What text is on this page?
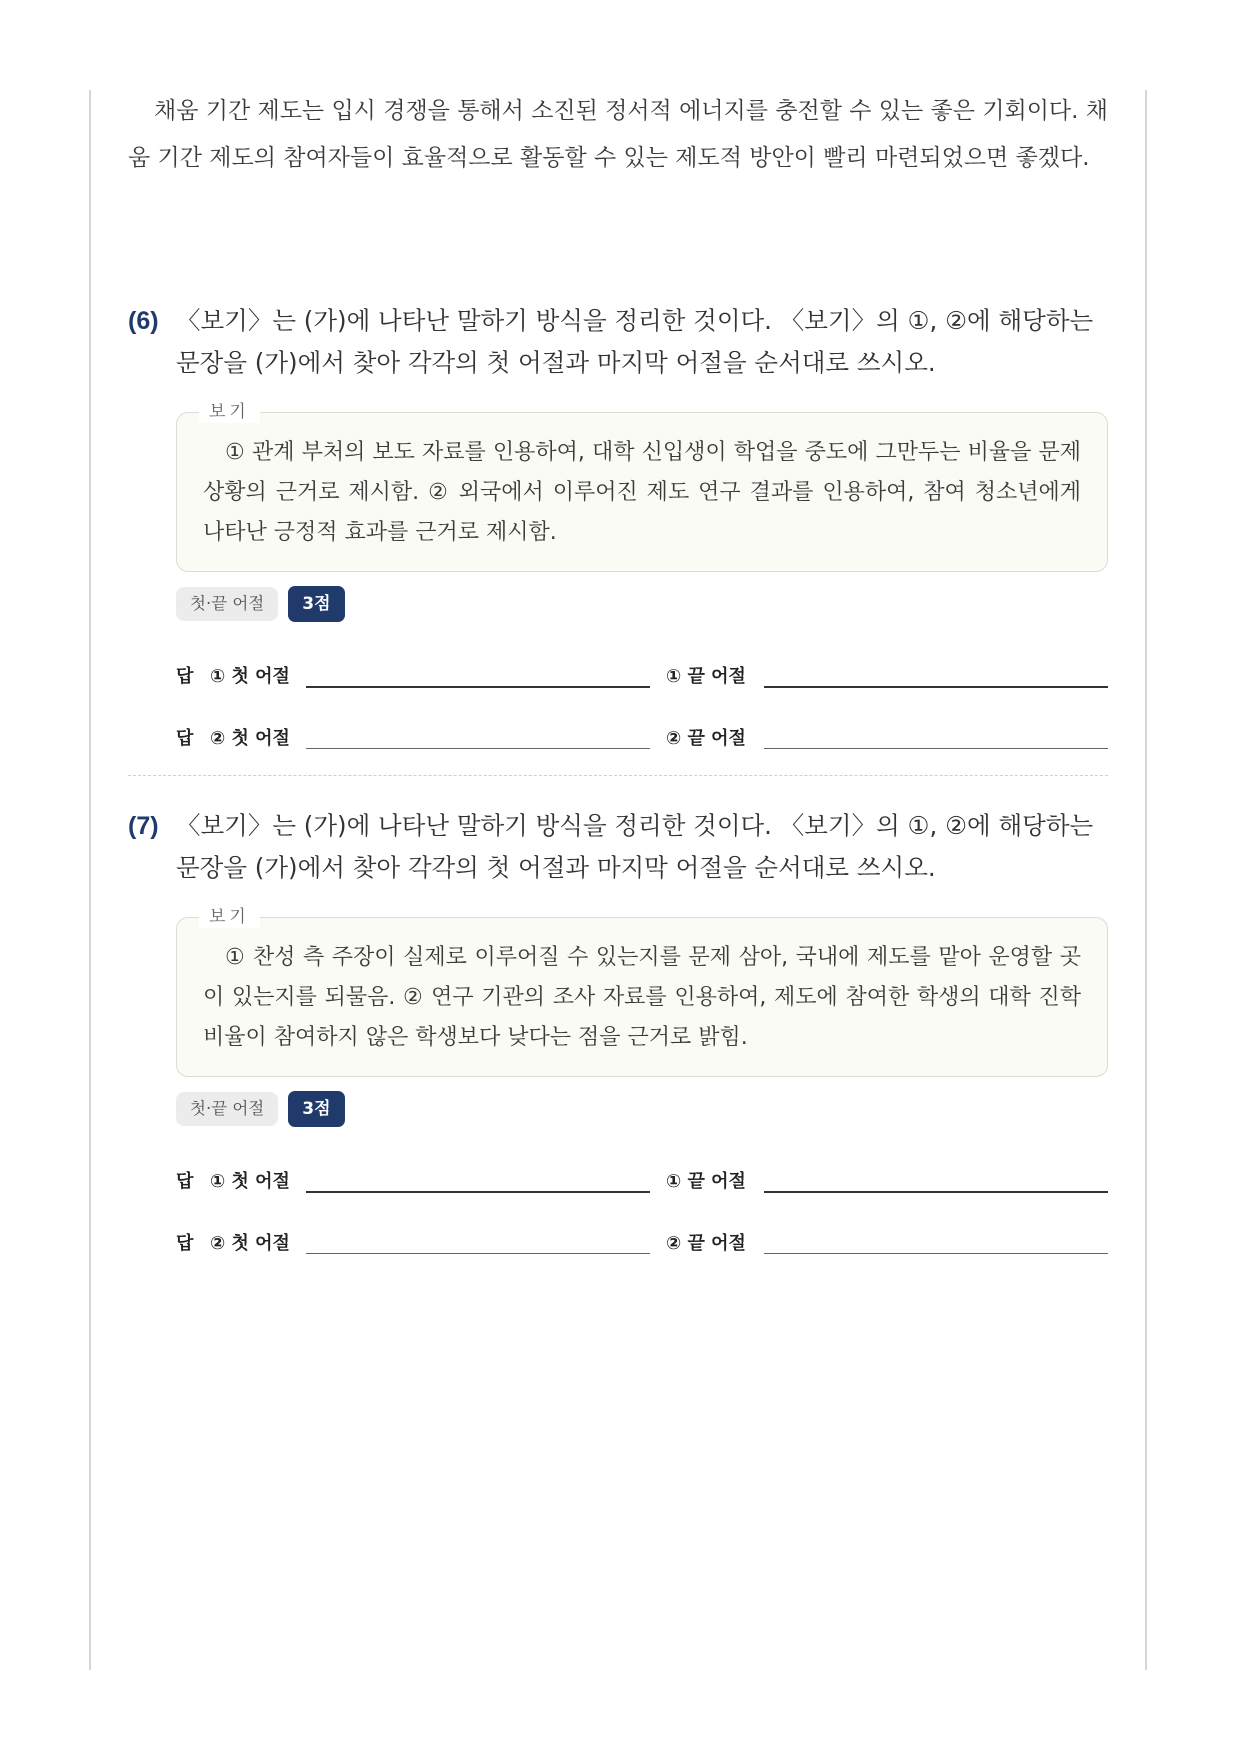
채움 기간 제도는 입시 경쟁을 통해서 소진된 정서적 에너지를 충전할 수 있는 좋은 기회이다. 채움 기간 제도의 참여자들이 효율적으로 활동할 수 있는 제도적 방안이 빨리 마련되었으면 좋겠다.

(6) 〈보기〉는 (가)에 나타난 말하기 방식을 정리한 것이다. 〈보기〉의 ①, ②에 해당하는 문장을 (가)에서 찾아 각각의 첫 어절과 마지막 어절을 순서대로 쓰시오.

보기

① 관계 부처의 보도 자료를 인용하여, 대학 신입생이 학업을 중도에 그만두는 비율을 문제 상황의 근거로 제시함. ② 외국에서 이루어진 제도 연구 결과를 인용하여, 참여 청소년에게 나타난 긍정적 효과를 근거로 제시함.

첫·끝 어절	3점
답 ① 첫 어절	① 끝 어절
답 ② 첫 어절	② 끝 어절
(7) 〈보기〉는 (가)에 나타난 말하기 방식을 정리한 것이다. 〈보기〉의 ①, ②에 해당하는 문장을 (가)에서 찾아 각각의 첫 어절과 마지막 어절을 순서대로 쓰시오.

보기

① 찬성 측 주장이 실제로 이루어질 수 있는지를 문제 삼아, 국내에 제도를 맡아 운영할 곳이 있는지를 되물음. ② 연구 기관의 조사 자료를 인용하여, 제도에 참여한 학생의 대학 진학 비율이 참여하지 않은 학생보다 낮다는 점을 근거로 밝힘.

첫·끝 어절	3점
답 ① 첫 어절	① 끝 어절
답 ② 첫 어절	② 끝 어절
